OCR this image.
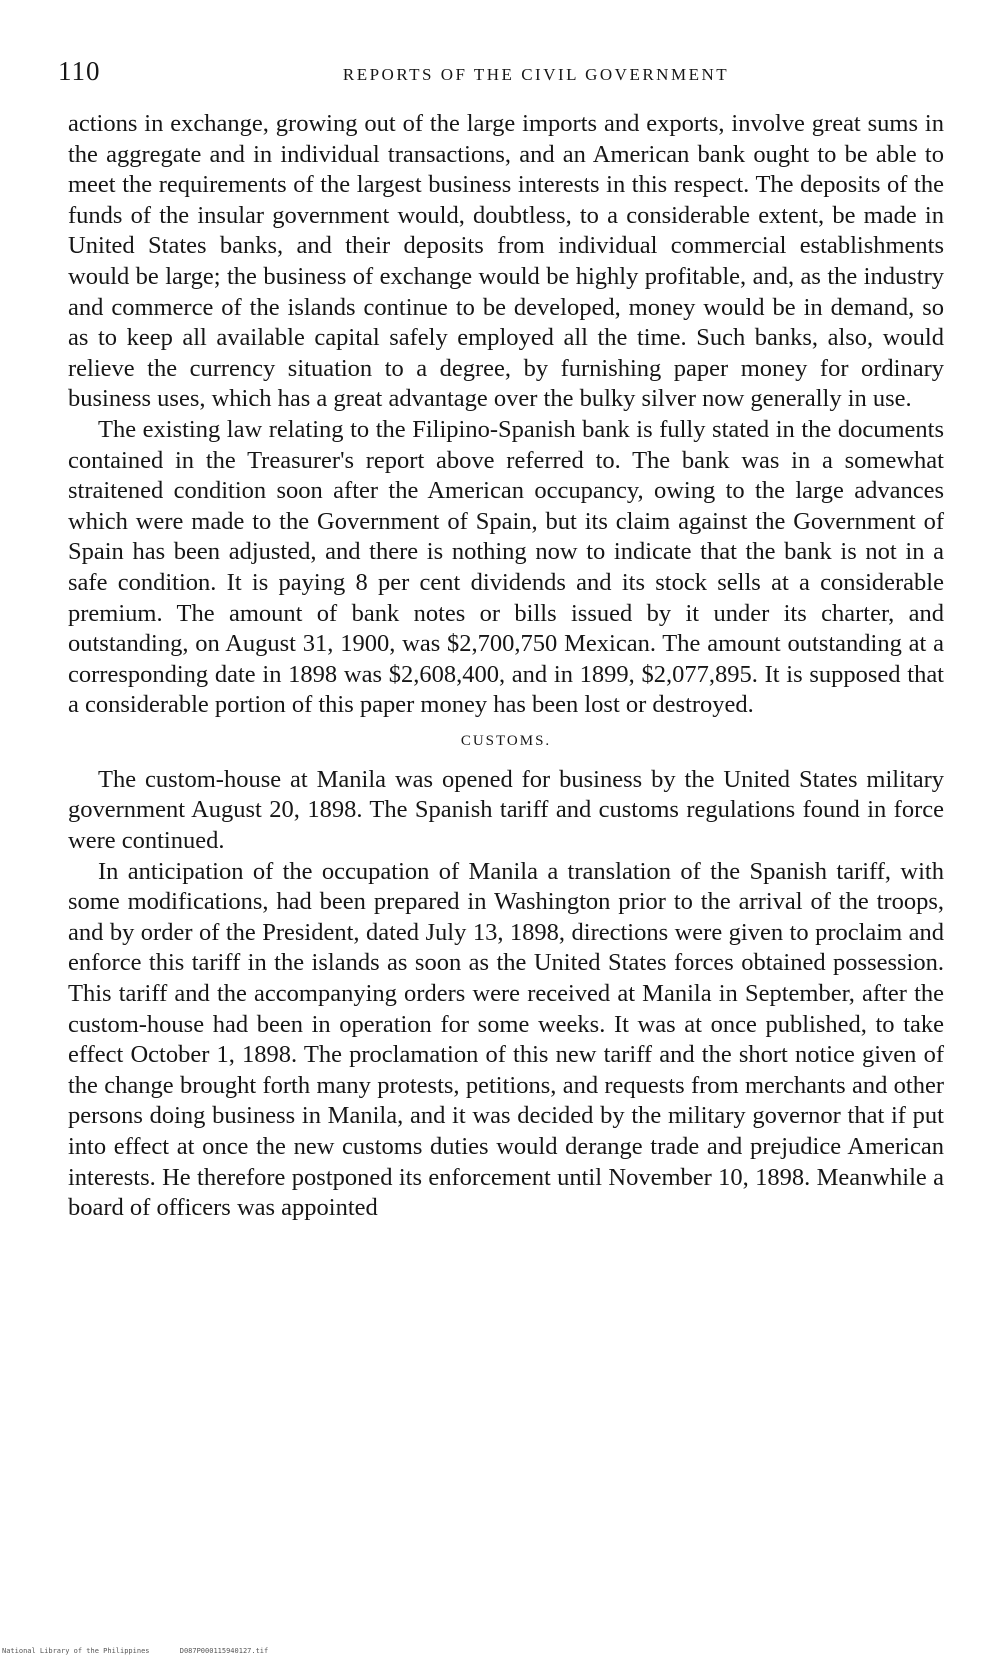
110	REPORTS OF THE CIVIL GOVERNMENT

actions in exchange, growing out of the large imports and exports, involve great sums in the aggregate and in individual transactions, and an American bank ought to be able to meet the requirements of the largest business interests in this respect. The deposits of the funds of the insular government would, doubtless, to a considerable extent, be made in United States banks, and their deposits from individual commercial establishments would be large; the business of exchange would be highly profitable, and, as the industry and commerce of the islands continue to be developed, money would be in demand, so as to keep all available capital safely employed all the time. Such banks, also, would relieve the currency situation to a degree, by furnishing paper money for ordinary business uses, which has a great advantage over the bulky silver now generally in use.

The existing law relating to the Filipino-Spanish bank is fully stated in the documents contained in the Treasurer's report above referred to. The bank was in a somewhat straitened condition soon after the American occupancy, owing to the large advances which were made to the Government of Spain, but its claim against the Government of Spain has been adjusted, and there is nothing now to indicate that the bank is not in a safe condition. It is paying 8 per cent dividends and its stock sells at a considerable premium. The amount of bank notes or bills issued by it under its charter, and outstanding, on August 31, 1900, was $2,700,750 Mexican. The amount outstanding at a corresponding date in 1898 was $2,608,400, and in 1899, $2,077,895. It is supposed that a considerable portion of this paper money has been lost or destroyed.

CUSTOMS.

The custom-house at Manila was opened for business by the United States military government August 20, 1898. The Spanish tariff and customs regulations found in force were continued.

In anticipation of the occupation of Manila a translation of the Spanish tariff, with some modifications, had been prepared in Washington prior to the arrival of the troops, and by order of the President, dated July 13, 1898, directions were given to proclaim and enforce this tariff in the islands as soon as the United States forces obtained possession. This tariff and the accompanying orders were received at Manila in September, after the custom-house had been in operation for some weeks. It was at once published, to take effect October 1, 1898. The proclamation of this new tariff and the short notice given of the change brought forth many protests, petitions, and requests from merchants and other persons doing business in Manila, and it was decided by the military governor that if put into effect at once the new customs duties would derange trade and prejudice American interests. He therefore postponed its enforcement until November 10, 1898. Meanwhile a board of officers was appointed

National Library of the Philippines	D087P000115940127.tif
